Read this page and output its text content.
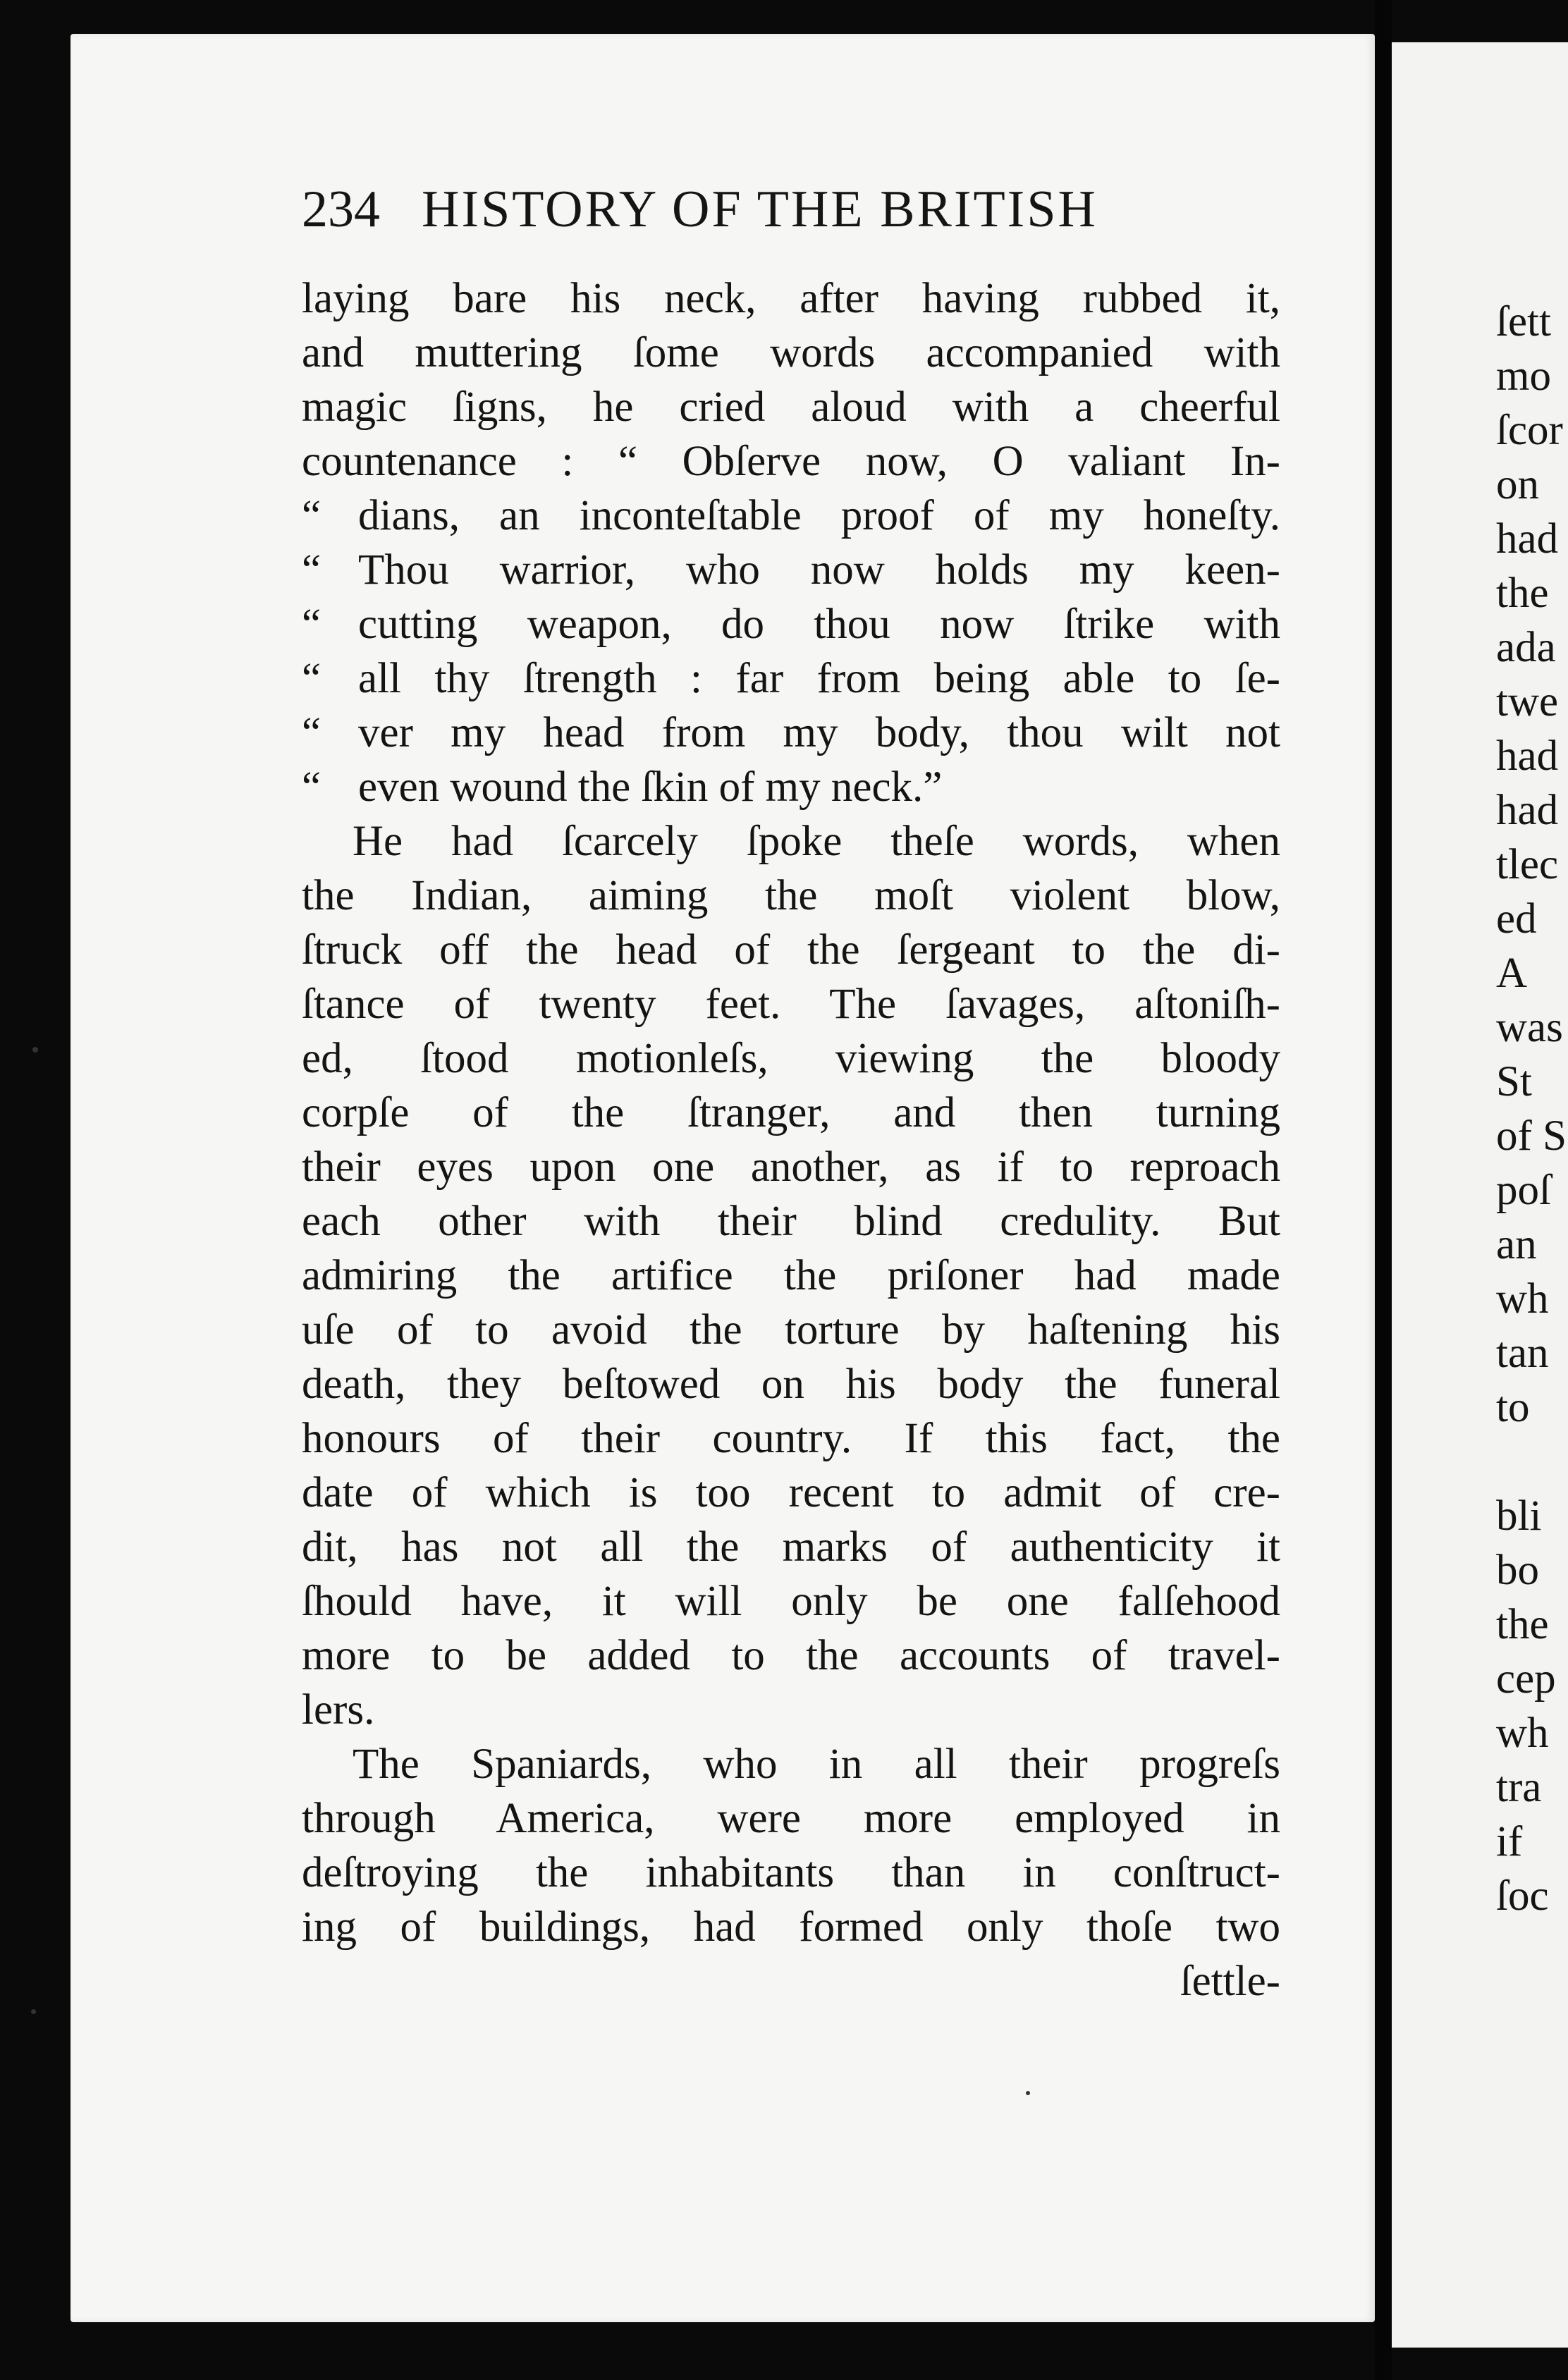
234 HISTORY OF THE BRITISH
laying bare his neck, after having rubbed it,
and muttering ſome words accompanied with
magic ſigns, he cried aloud with a cheerful
countenance : “ Obſerve now, O valiant In-
“ dians, an inconteſtable proof of my honeſty.
“ Thou warrior, who now holds my keen-
“ cutting weapon, do thou now ſtrike with
“ all thy ſtrength : far from being able to ſe-
“ ver my head from my body, thou wilt not
“ even wound the ſkin of my neck.”
He had ſcarcely ſpoke theſe words, when
the Indian, aiming the moſt violent blow,
ſtruck off the head of the ſergeant to the di-
ſtance of twenty feet. The ſavages, aſtoniſh-
ed, ſtood motionleſs, viewing the bloody
corpſe of the ſtranger, and then turning
their eyes upon one another, as if to reproach
each other with their blind credulity. But
admiring the artifice the priſoner had made
uſe of to avoid the torture by haſtening his
death, they beſtowed on his body the funeral
honours of their country. If this fact, the
date of which is too recent to admit of cre-
dit, has not all the marks of authenticity it
ſhould have, it will only be one falſehood
more to be added to the accounts of travel-
lers.
The Spaniards, who in all their progreſs
through America, were more employed in
deſtroying the inhabitants than in conſtruct-
ing of buildings, had formed only thoſe two
ſettle-
ſett
mo
ſcor
on
had
the
ada
twe
had
had
tlec
ed
A
was
St
of S
poſ
an
wh
tan
to
bli
bo
the
cep
wh
tra
if
ſoc
